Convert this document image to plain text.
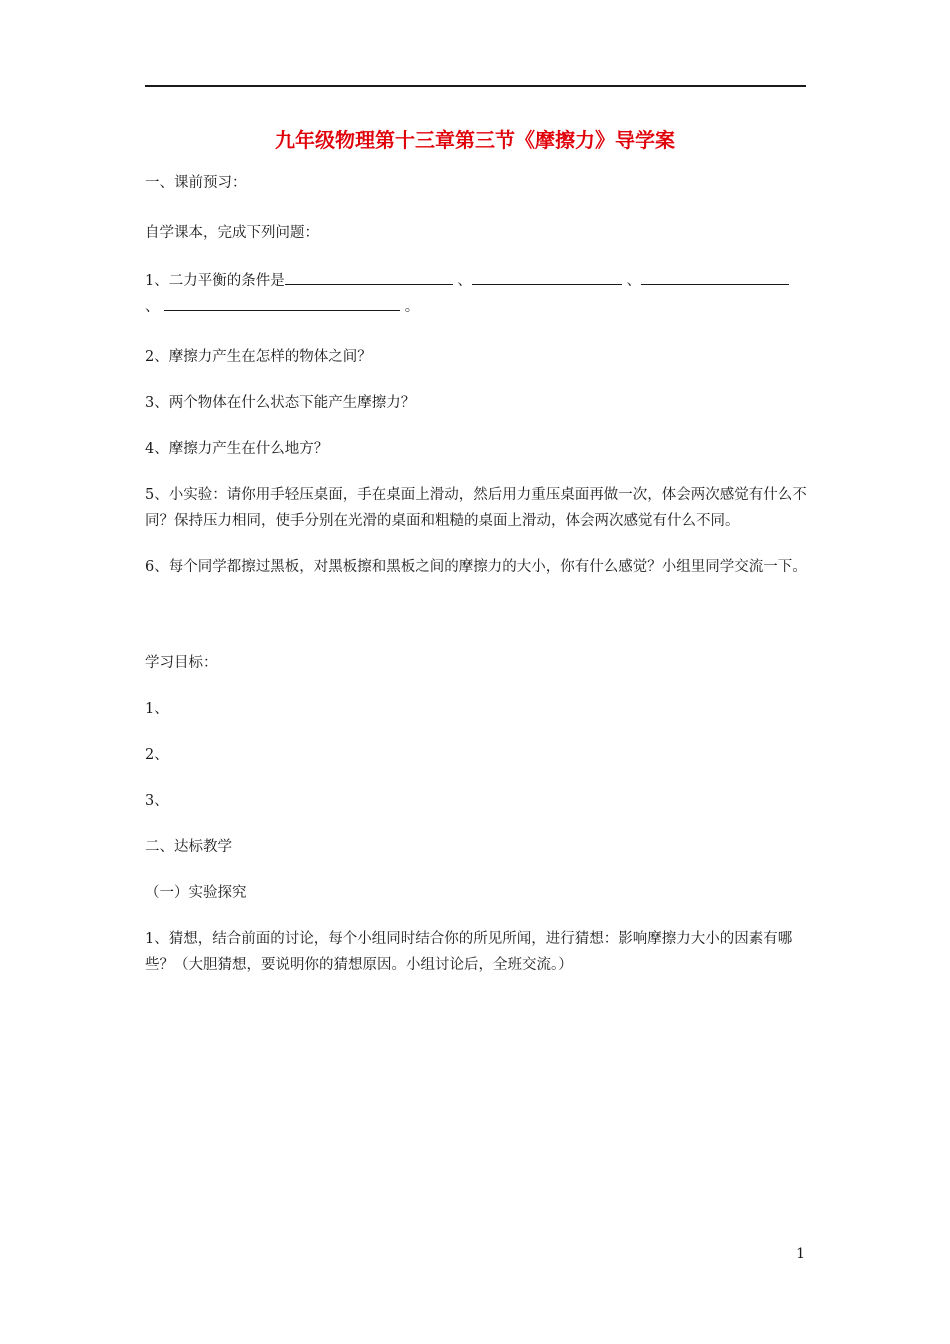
九年级物理第十三章第三节《摩擦力》导学案

一、课前预习：

自学课本，完成下列问题：

1、二力平衡的条件是	、	、
、	。

2、摩擦力产生在怎样的物体之间？

3、两个物体在什么状态下能产生摩擦力？

4、摩擦力产生在什么地方？

5、小实验：请你用手轻压桌面，手在桌面上滑动，然后用力重压桌面再做一次，体会两次感觉有什么不同？保持压力相同，使手分别在光滑的桌面和粗糙的桌面上滑动，体会两次感觉有什么不同。

6、每个同学都擦过黑板，对黑板擦和黑板之间的摩擦力的大小，你有什么感觉？小组里同学交流一下。

学习目标：

1、

2、

3、

二、达标教学

（一）实验探究

1、猜想，结合前面的讨论，每个小组同时结合你的所见所闻，进行猜想：影响摩擦力大小的因素有哪些？（大胆猜想，要说明你的猜想原因。小组讨论后，全班交流。）

1
